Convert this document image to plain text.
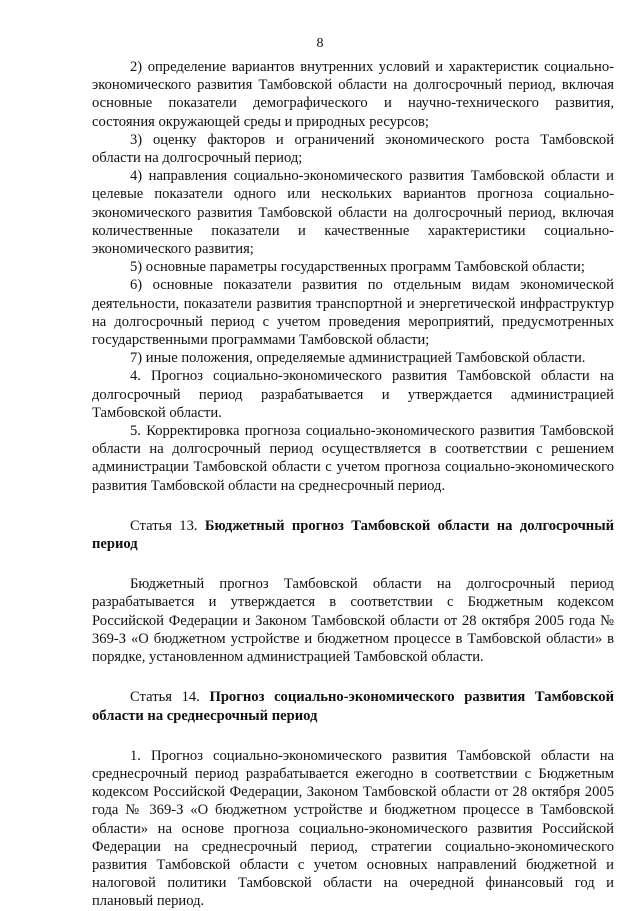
8

2) определение вариантов внутренних условий и характеристик социально-экономического развития Тамбовской области на долгосрочный период, включая основные показатели демографического и научно-технического развития, состояния окружающей среды и природных ресурсов;

3) оценку факторов и ограничений экономического роста Тамбовской области на долгосрочный период;

4) направления социально-экономического развития Тамбовской области и целевые показатели одного или нескольких вариантов прогноза социально-экономического развития Тамбовской области на долгосрочный период, включая количественные показатели и качественные характеристики социально-экономического развития;

5) основные параметры государственных программ Тамбовской области;

6) основные показатели развития по отдельным видам экономической деятельности, показатели развития транспортной и энергетической инфраструктур на долгосрочный период с учетом проведения мероприятий, предусмотренных государственными программами Тамбовской области;

7) иные положения, определяемые администрацией Тамбовской области.

4. Прогноз социально-экономического развития Тамбовской области на долгосрочный период разрабатывается и утверждается администрацией Тамбовской области.

5. Корректировка прогноза социально-экономического развития Тамбовской области на долгосрочный период осуществляется в соответствии с решением администрации Тамбовской области с учетом прогноза социально-экономического развития Тамбовской области на среднесрочный период.

Статья 13. Бюджетный прогноз Тамбовской области на долгосрочный период

Бюджетный прогноз Тамбовской области на долгосрочный период разрабатывается и утверждается в соответствии с Бюджетным кодексом Российской Федерации и Законом Тамбовской области от 28 октября 2005 года № 369-З «О бюджетном устройстве и бюджетном процессе в Тамбовской области» в порядке, установленном администрацией Тамбовской области.

Статья 14. Прогноз социально-экономического развития Тамбовской области на среднесрочный период

1. Прогноз социально-экономического развития Тамбовской области на среднесрочный период разрабатывается ежегодно в соответствии с Бюджетным кодексом Российской Федерации, Законом Тамбовской области от 28 октября 2005 года № 369-З «О бюджетном устройстве и бюджетном процессе в Тамбовской области» на основе прогноза социально-экономического развития Российской Федерации на среднесрочный период, стратегии социально-экономического развития Тамбовской области с учетом основных направлений бюджетной и налоговой политики Тамбовской области на очередной финансовый год и плановый период.
